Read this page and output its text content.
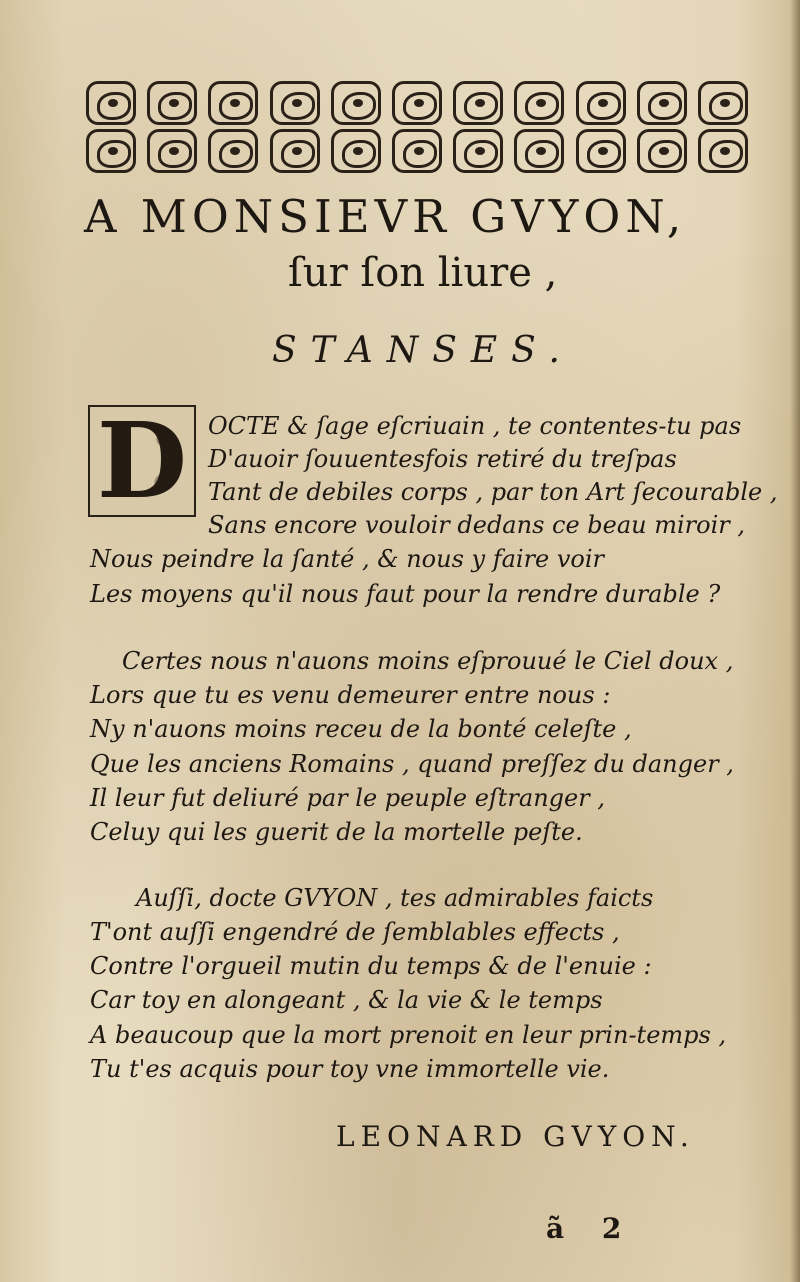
A MONSIEVR GVYON,
ſur ſon liure ,
STANSES.
D OCTE & ſage eſcriuain , te contentes-tu pas
D'auoir ſouuentesfois retiré du treſpas
Tant de debiles corps , par ton Art ſecourable ,
Sans encore vouloir dedans ce beau miroir ,
Nous peindre la ſanté , & nous y faire voir
Les moyens qu'il nous faut pour la rendre durable ?
Certes nous n'auons moins eſprouué le Ciel doux ,
Lors que tu es venu demeurer entre nous :
Ny n'auons moins receu de la bonté celeſte ,
Que les anciens Romains , quand preſſez du danger ,
Il leur fut deliuré par le peuple eſtranger ,
Celuy qui les guerit de la mortelle peſte.
Auſſi, docte GVYON , tes admirables faicts
T'ont auſſi engendré de ſemblables effects ,
Contre l'orgueil mutin du temps & de l'enuie :
Car toy en alongeant , & la vie & le temps
A beaucoup que la mort prenoit en leur prin-temps ,
Tu t'es acquis pour toy vne immortelle vie.
LEONARD GVYON.
ã 2
